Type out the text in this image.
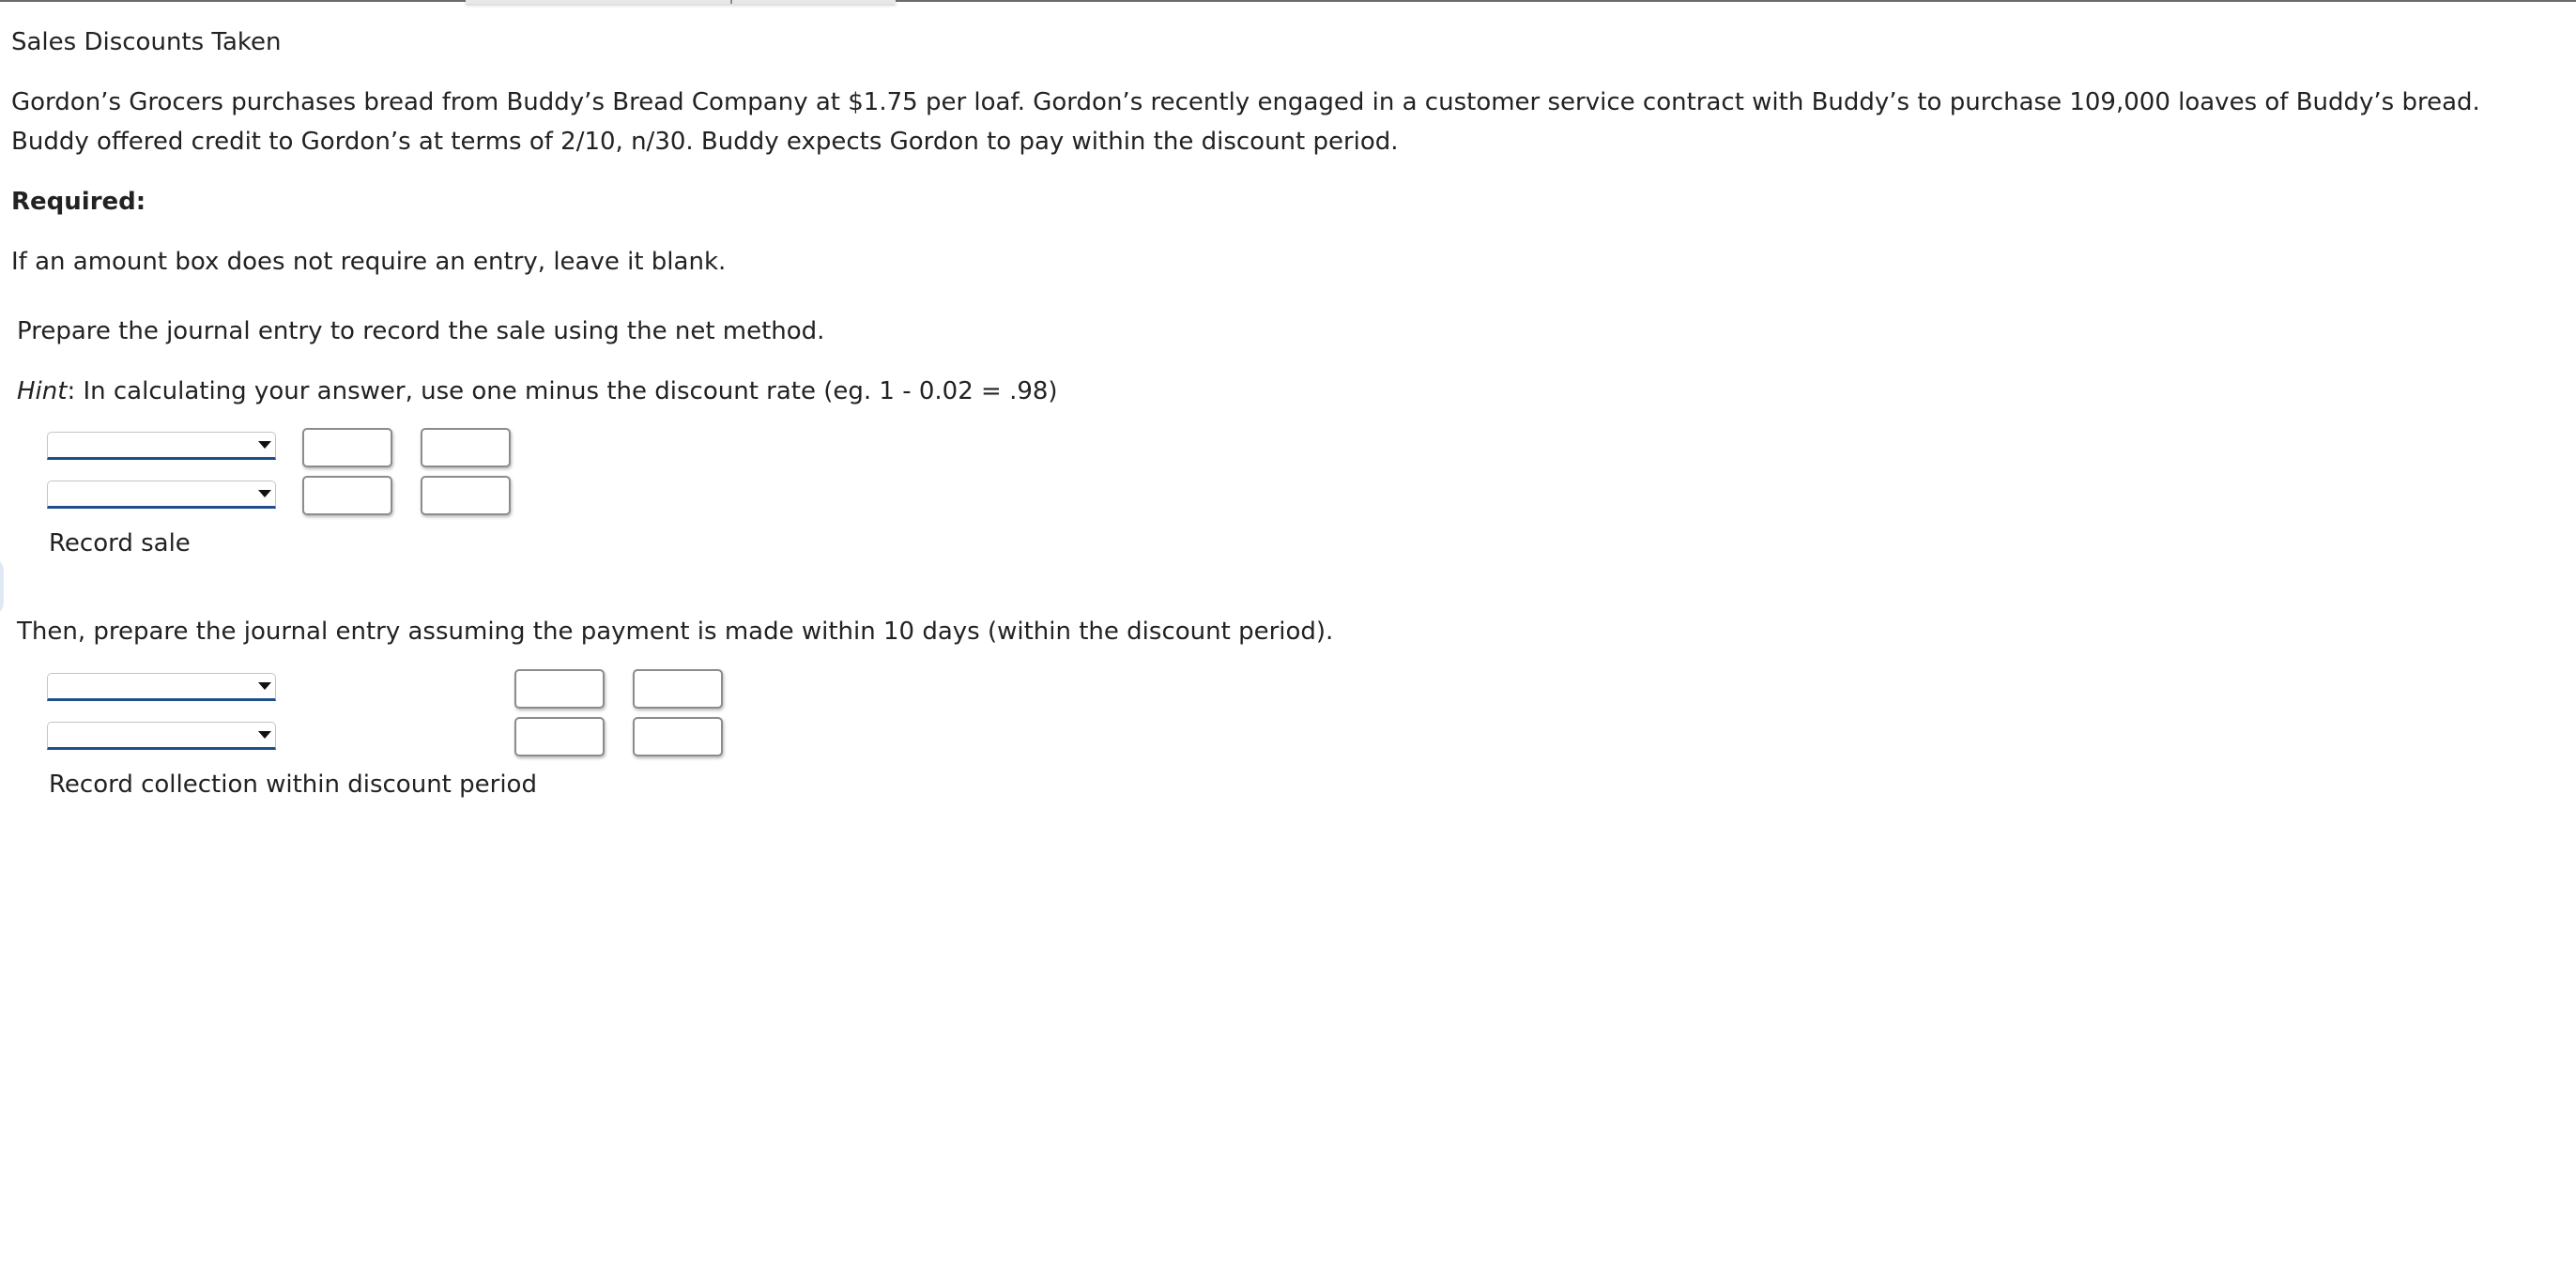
Sales Discounts Taken

Gordon’s Grocers purchases bread from Buddy’s Bread Company at $1.75 per loaf. Gordon’s recently engaged in a customer service contract with Buddy’s to purchase 109,000 loaves of Buddy’s bread. Buddy offered credit to Gordon’s at terms of 2/10, n/30. Buddy expects Gordon to pay within the discount period.

Required:

If an amount box does not require an entry, leave it blank.

Prepare the journal entry to record the sale using the net method.

Hint: In calculating your answer, use one minus the discount rate (eg. 1 - 0.02 = .98)

Record sale

Then, prepare the journal entry assuming the payment is made within 10 days (within the discount period).

Record collection within discount period
